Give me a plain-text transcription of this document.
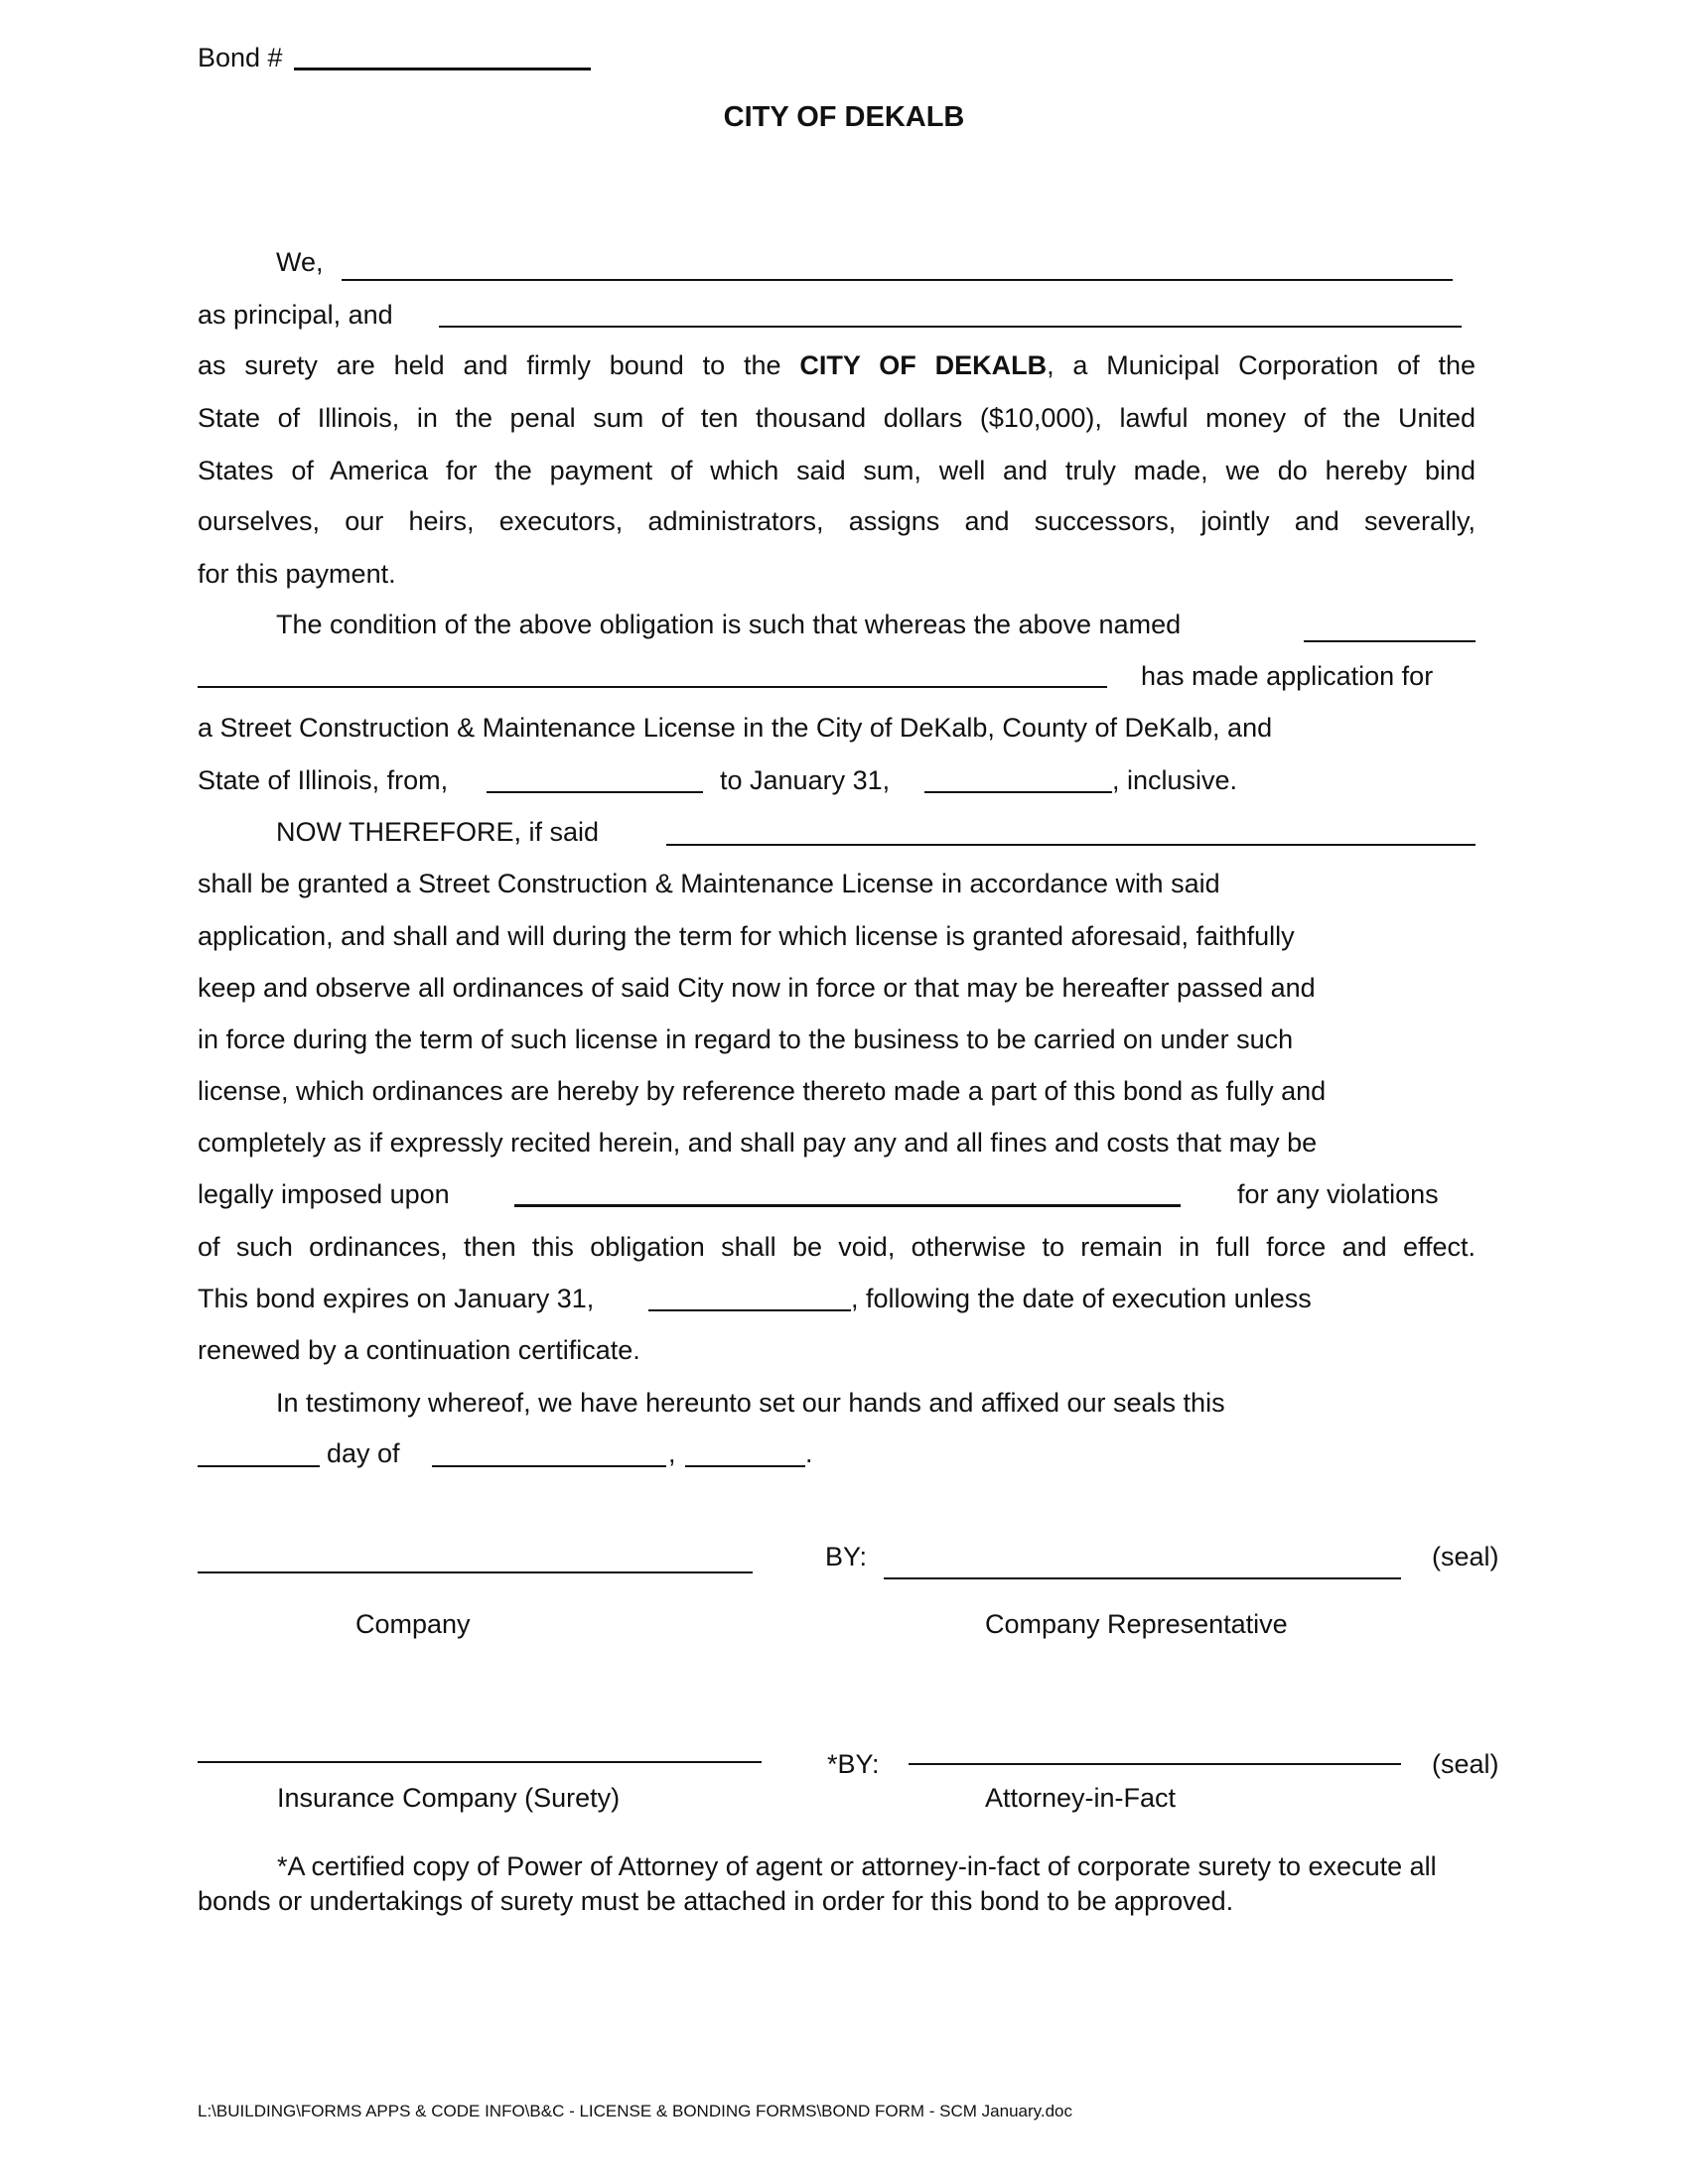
Bond #
CITY OF DEKALB
We,
as principal, and
as surety are held and firmly bound to the CITY OF DEKALB, a Municipal Corporation of the
State of Illinois, in the penal sum of ten thousand dollars ($10,000), lawful money of the United
States of America for the payment of which said sum, well and truly made, we do hereby bind
ourselves, our heirs, executors, administrators, assigns and successors, jointly and severally,
for this payment.
The condition of the above obligation is such that whereas the above named
has made application for
a Street Construction & Maintenance License in the City of DeKalb, County of DeKalb, and
State of Illinois, from,	to January 31,	, inclusive.
NOW THEREFORE, if said
shall be granted a Street Construction & Maintenance License in accordance with said
application, and shall and will during the term for which license is granted aforesaid, faithfully
keep and observe all ordinances of said City now in force or that may be hereafter passed and
in force during the term of such license in regard to the business to be carried on under such
license, which ordinances are hereby by reference thereto made a part of this bond as fully and
completely as if expressly recited herein, and shall pay any and all fines and costs that may be
legally imposed upon	for any violations
of such ordinances, then this obligation shall be void, otherwise to remain in full force and effect.
This bond expires on January 31,	, following the date of execution unless
renewed by a continuation certificate.
In testimony whereof, we have hereunto set our hands and affixed our seals this
day of	,	.
BY:	(seal)
Company	Company Representative
*BY:	(seal)
Insurance Company (Surety)	Attorney-in-Fact
*A certified copy of Power of Attorney of agent or attorney-in-fact of corporate surety to execute all bonds or undertakings of surety must be attached in order for this bond to be approved.
L:\BUILDING\FORMS APPS & CODE INFO\B&C - LICENSE & BONDING FORMS\BOND FORM - SCM January.doc
